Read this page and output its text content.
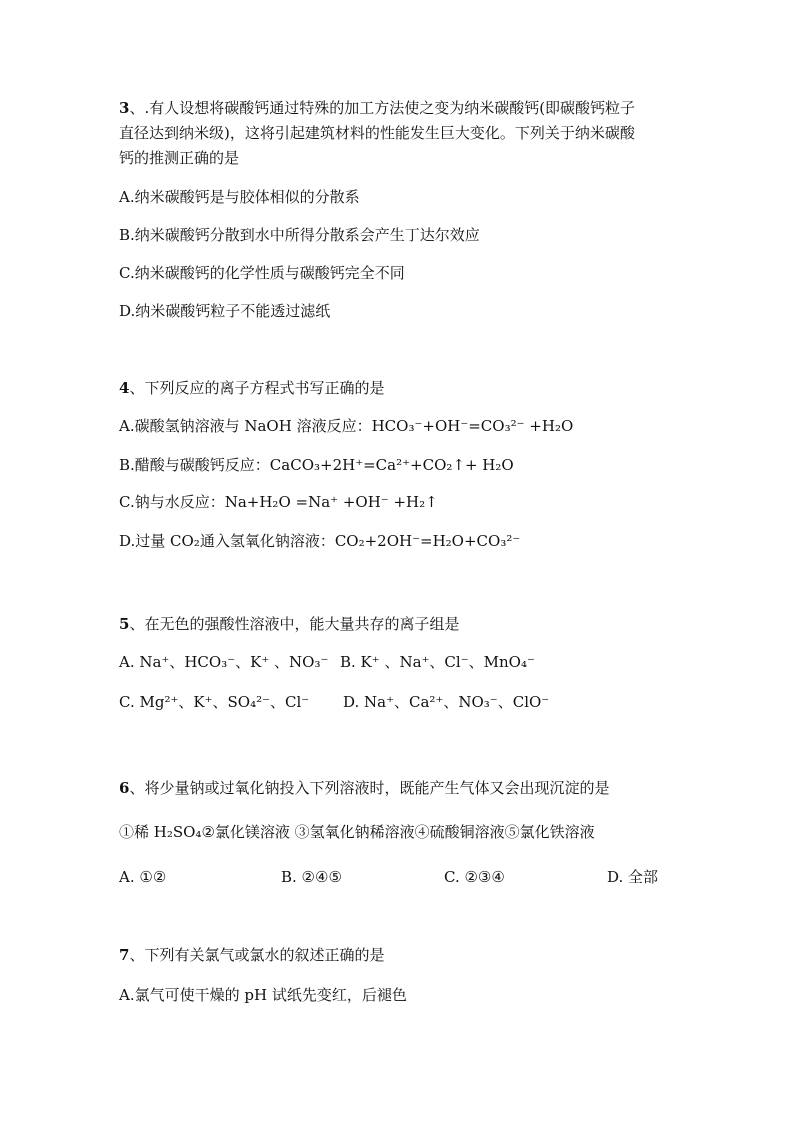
3、.有人设想将碳酸钙通过特殊的加工方法使之变为纳米碳酸钙(即碳酸钙粒子

直径达到纳米级)，这将引起建筑材料的性能发生巨大变化。下列关于纳米碳酸

钙的推测正确的是

A.纳米碳酸钙是与胶体相似的分散系

B.纳米碳酸钙分散到水中所得分散系会产生丁达尔效应

C.纳米碳酸钙的化学性质与碳酸钙完全不同

D.纳米碳酸钙粒子不能透过滤纸

4、下列反应的离子方程式书写正确的是

A.碳酸氢钠溶液与 NaOH 溶液反应：HCO₃⁻+OH⁻=CO₃²⁻ +H₂O

B.醋酸与碳酸钙反应：CaCO₃+2H⁺=Ca²⁺+CO₂↑+ H₂O

C.钠与水反应：Na+H₂O =Na⁺ +OH⁻ +H₂↑

D.过量 CO₂通入氢氧化钠溶液：CO₂+2OH⁻=H₂O+CO₃²⁻

5、在无色的强酸性溶液中，能大量共存的离子组是

A. Na⁺、HCO₃⁻、K⁺ 、NO₃⁻ B. K⁺ 、Na⁺、Cl⁻、MnO₄⁻

C. Mg²⁺、K⁺、SO₄²⁻、Cl⁻ D. Na⁺、Ca²⁺、NO₃⁻、ClO⁻

6、将少量钠或过氧化钠投入下列溶液时，既能产生气体又会出现沉淀的是

①稀 H₂SO₄②氯化镁溶液 ③氢氧化钠稀溶液④硫酸铜溶液⑤氯化铁溶液

A. ①②	B. ②④⑤	C. ②③④	D. 全部

7、下列有关氯气或氯水的叙述正确的是

A.氯气可使干燥的 pH 试纸先变红，后褪色
